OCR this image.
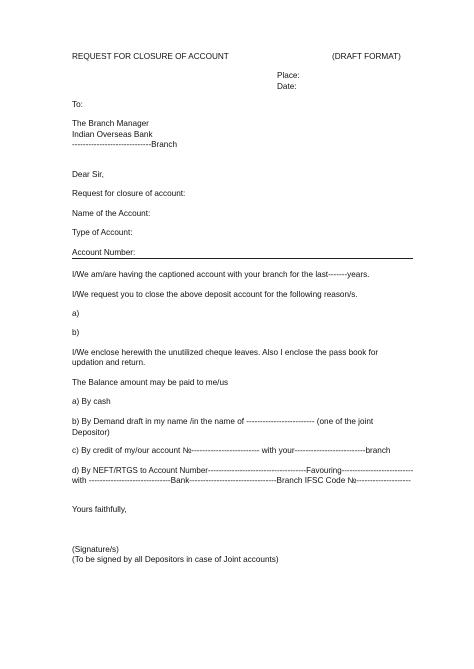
REQUEST FOR CLOSURE OF ACCOUNT	(DRAFT FORMAT)

Place:

Date:

To:

The Branch Manager

Indian Overseas Bank

-----------------------------Branch

Dear Sir,

Request for closure of account:

Name of the Account:

Type of Account:

Account Number:

I/We am/are having the captioned account with your branch for the last-------years.

I/We request you to close the above deposit account for the following reason/s.

a)

b)

I/We enclose herewith the unutilized cheque leaves. Also I enclose the pass book for

updation and return.

The Balance amount may be paid to me/us

a) By cash

b) By Demand draft in my name /in the name of ------------------------- (one of the joint

Depositor)

c) By credit of my/our account №------------------------- with your--------------------------branch

d) By NEFT/RTGS to Account Number-------------------------------------Favouring---------------------------

with ------------------------------Bank--------------------------------Branch IFSC Code №--------------------

Yours faithfully,

(Signature/s)

(To be signed by all Depositors in case of Joint accounts)
